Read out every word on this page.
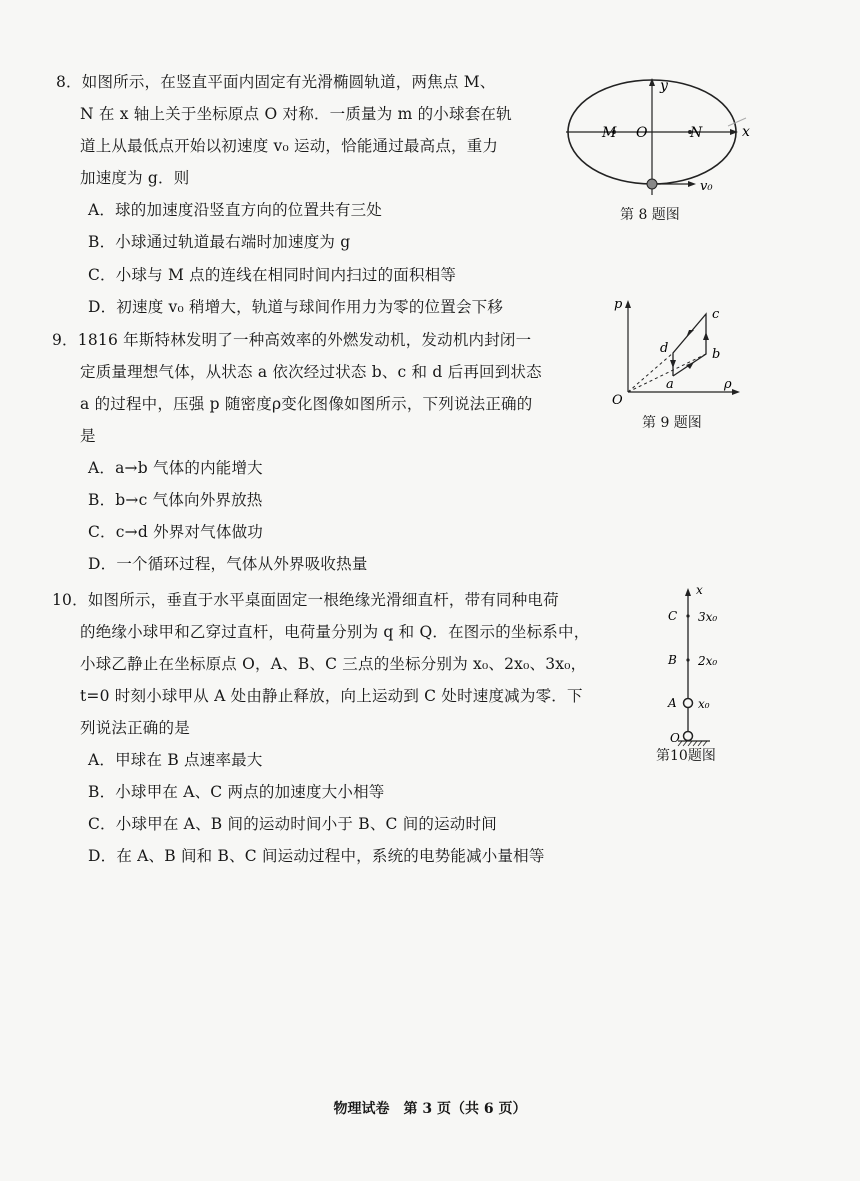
8．如图所示，在竖直平面内固定有光滑椭圆轨道，两焦点 M、
N 在 x 轴上关于坐标原点 O 对称．一质量为 m 的小球套在轨
道上从最低点开始以初速度 v₀ 运动，恰能通过最高点，重力
加速度为 g．则
A．球的加速度沿竖直方向的位置共有三处
B．小球通过轨道最右端时加速度为 g
C．小球与 M 点的连线在相同时间内扫过的面积相等
D．初速度 v₀ 稍增大，轨道与球间作用力为零的位置会下移
y
x
M O	N
v₀
第 8 题图
9．1816 年斯特林发明了一种高效率的外燃发动机，发动机内封闭一
定质量理想气体，从状态 a 依次经过状态 b、c 和 d 后再回到状态
a 的过程中，压强 p 随密度ρ变化图像如图所示，下列说法正确的
是
A．a→b 气体的内能增大
B．b→c 气体向外界放热
C．c→d 外界对气体做功
D．一个循环过程，气体从外界吸收热量
p
ρ
O
a
b
c
d
第 9 题图
10．如图所示，垂直于水平桌面固定一根绝缘光滑细直杆，带有同种电荷
的绝缘小球甲和乙穿过直杆，电荷量分别为 q 和 Q．在图示的坐标系中，
小球乙静止在坐标原点 O，A、B、C 三点的坐标分别为 x₀、2x₀、3x₀，
t=0 时刻小球甲从 A 处由静止释放，向上运动到 C 处时速度减为零．下
列说法正确的是
A．甲球在 B 点速率最大
B．小球甲在 A、C 两点的加速度大小相等
C．小球甲在 A、B 间的运动时间小于 B、C 间的运动时间
D．在 A、B 间和 B、C 间运动过程中，系统的电势能减小量相等
x
C 3x₀
B 2x₀
A x₀
O
第10题图
物理试卷　第 3 页（共 6 页）
